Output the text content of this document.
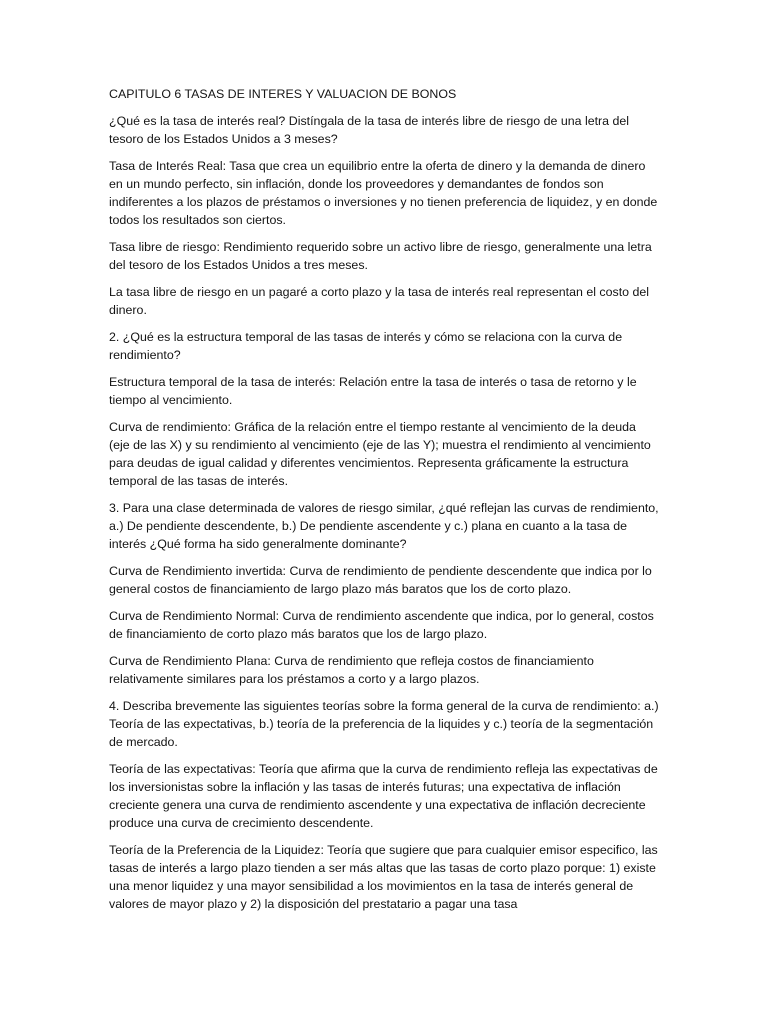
CAPITULO 6 TASAS DE INTERES Y VALUACION DE BONOS

¿Qué es la tasa de interés real? Distíngala de la tasa de interés libre de riesgo de una letra del tesoro de los Estados Unidos a 3 meses?

Tasa de Interés Real: Tasa que crea un equilibrio entre la oferta de dinero y la demanda de dinero en un mundo perfecto, sin inflación, donde los proveedores y demandantes de fondos son indiferentes a los plazos de préstamos o inversiones y no tienen preferencia de liquidez, y en donde todos los resultados son ciertos.

Tasa libre de riesgo: Rendimiento requerido sobre un activo libre de riesgo, generalmente una letra del tesoro de los Estados Unidos a tres meses.

La tasa libre de riesgo en un pagaré a corto plazo y la tasa de interés real representan el costo del dinero.

2. ¿Qué es la estructura temporal de las tasas de interés y cómo se relaciona con la curva de rendimiento?

Estructura temporal de la tasa de interés: Relación entre la tasa de interés o tasa de retorno y le tiempo al vencimiento.

Curva de rendimiento: Gráfica de la relación entre el tiempo restante al vencimiento de la deuda (eje de las X) y su rendimiento al vencimiento (eje de las Y); muestra el rendimiento al vencimiento para deudas de igual calidad y diferentes vencimientos. Representa gráficamente la estructura temporal de las tasas de interés.

3. Para una clase determinada de valores de riesgo similar, ¿qué reflejan las curvas de rendimiento, a.) De pendiente descendente, b.) De pendiente ascendente y c.) plana en cuanto a la tasa de interés ¿Qué forma ha sido generalmente dominante?

Curva de Rendimiento invertida: Curva de rendimiento de pendiente descendente que indica por lo general costos de financiamiento de largo plazo más baratos que los de corto plazo.

Curva de Rendimiento Normal: Curva de rendimiento ascendente que indica, por lo general, costos de financiamiento de corto plazo más baratos que los de largo plazo.

Curva de Rendimiento Plana: Curva de rendimiento que refleja costos de financiamiento relativamente similares para los préstamos a corto y a largo plazos.

4. Describa brevemente las siguientes teorías sobre la forma general de la curva de rendimiento: a.) Teoría de las expectativas, b.) teoría de la preferencia de la liquides y c.) teoría de la segmentación de mercado.

Teoría de las expectativas: Teoría que afirma que la curva de rendimiento refleja las expectativas de los inversionistas sobre la inflación y las tasas de interés futuras; una expectativa de inflación creciente genera una curva de rendimiento ascendente y una expectativa de inflación decreciente produce una curva de crecimiento descendente.

Teoría de la Preferencia de la Liquidez: Teoría que sugiere que para cualquier emisor especifico, las tasas de interés a largo plazo tienden a ser más altas que las tasas de corto plazo porque: 1) existe una menor liquidez y una mayor sensibilidad a los movimientos en la tasa de interés general de valores de mayor plazo y 2) la disposición del prestatario a pagar una tasa
